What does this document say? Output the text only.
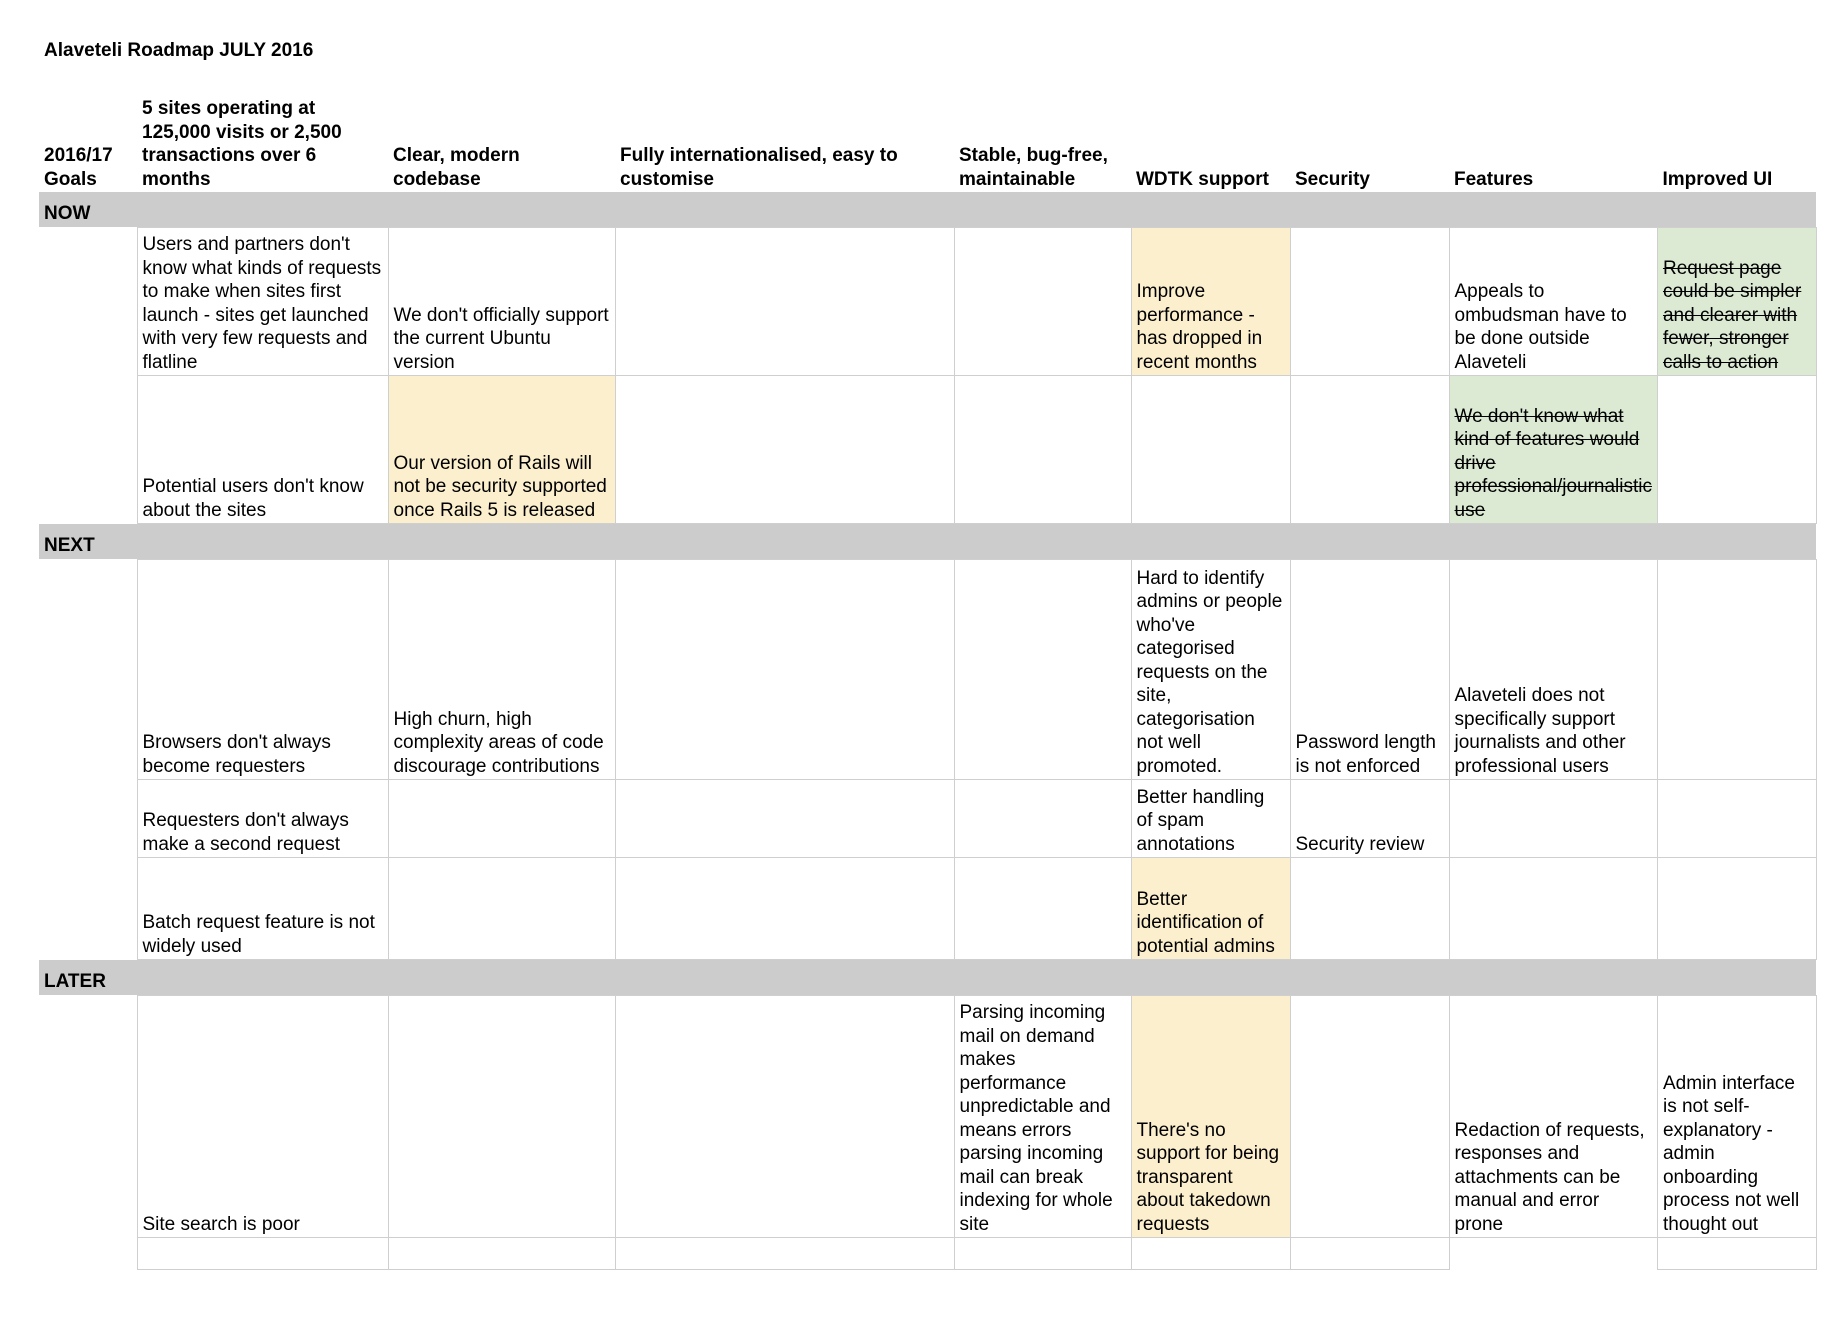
Alaveteli Roadmap JULY 2016
2016/17 Goals	5 sites operating at 125,000 visits or 2,500 transactions over 6 months	Clear, modern codebase	Fully internationalised, easy to customise	Stable, bug-free, maintainable	WDTK support	Security	Features	Improved UI
NOW								
	Users and partners don't know what kinds of requests to make when sites first launch - sites get launched with very few requests and flatline	We don't officially support the current Ubuntu version			Improve performance - has dropped in recent months		Appeals to ombudsman have to be done outside Alaveteli	Request page could be simpler and clearer with fewer, stronger calls to action
	Potential users don't know about the sites	Our version of Rails will not be security supported once Rails 5 is released					We don't know what kind of features would drive professional/journalistic use	
NEXT								
	Browsers don't always become requesters	High churn, high complexity areas of code discourage contributions			Hard to identify admins or people who've categorised requests on the site, categorisation not well promoted.	Password length is not enforced	Alaveteli does not specifically support journalists and other professional users	
	Requesters don't always make a second request				Better handling of spam annotations	Security review		
	Batch request feature is not widely used				Better identification of potential admins			
LATER								
	Site search is poor			Parsing incoming mail on demand makes performance unpredictable and means errors parsing incoming mail can break indexing for whole site	There's no support for being transparent about takedown requests		Redaction of requests, responses and attachments can be manual and error prone	Admin interface is not self-explanatory - admin onboarding process not well thought out
